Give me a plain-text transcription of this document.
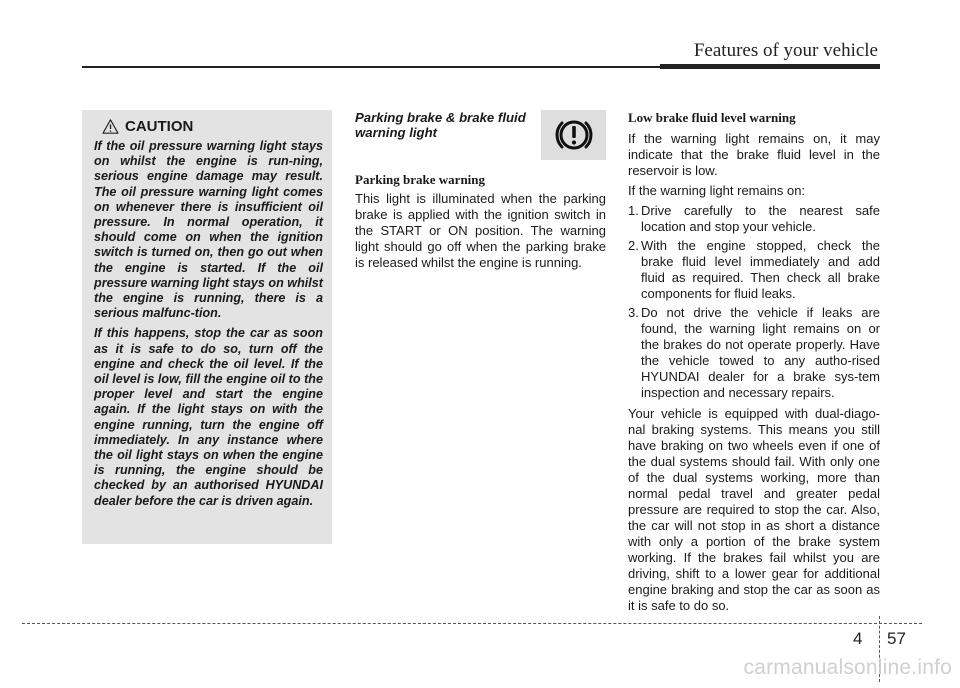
Features of your vehicle
CAUTION

If the oil pressure warning light stays on whilst the engine is run-ning, serious engine damage may result. The oil pressure warning light comes on whenever there is insufficient oil pressure. In normal operation, it should come on when the ignition switch is turned on, then go out when the engine is started. If the oil pressure warning light stays on whilst the engine is running, there is a serious malfunc-tion.

If this happens, stop the car as soon as it is safe to do so, turn off the engine and check the oil level. If the oil level is low, fill the engine oil to the proper level and start the engine again. If the light stays on with the engine running, turn the engine off immediately. In any instance where the oil light stays on when the engine is running, the engine should be checked by an authorised HYUNDAI dealer before the car is driven again.

Parking brake & brake fluid warning light
Parking brake warning

This light is illuminated when the parking brake is applied with the ignition switch in the START or ON position. The warning light should go off when the parking brake is released whilst the engine is running.

Low brake fluid level warning

If the warning light remains on, it may indicate that the brake fluid level in the reservoir is low.

If the warning light remains on:

1. Drive carefully to the nearest safe location and stop your vehicle.
2. With the engine stopped, check the brake fluid level immediately and add fluid as required. Then check all brake components for fluid leaks.
3. Do not drive the vehicle if leaks are found, the warning light remains on or the brakes do not operate properly. Have the vehicle towed to any autho-rised HYUNDAI dealer for a brake sys-tem inspection and necessary repairs.

Your vehicle is equipped with dual-diago-nal braking systems. This means you still have braking on two wheels even if one of the dual systems should fail. With only one of the dual systems working, more than normal pedal travel and greater pedal pressure are required to stop the car. Also, the car will not stop in as short a distance with only a portion of the brake system working. If the brakes fail whilst you are driving, shift to a lower gear for additional engine braking and stop the car as soon as it is safe to do so.

4 57
carmanualsonline.info
